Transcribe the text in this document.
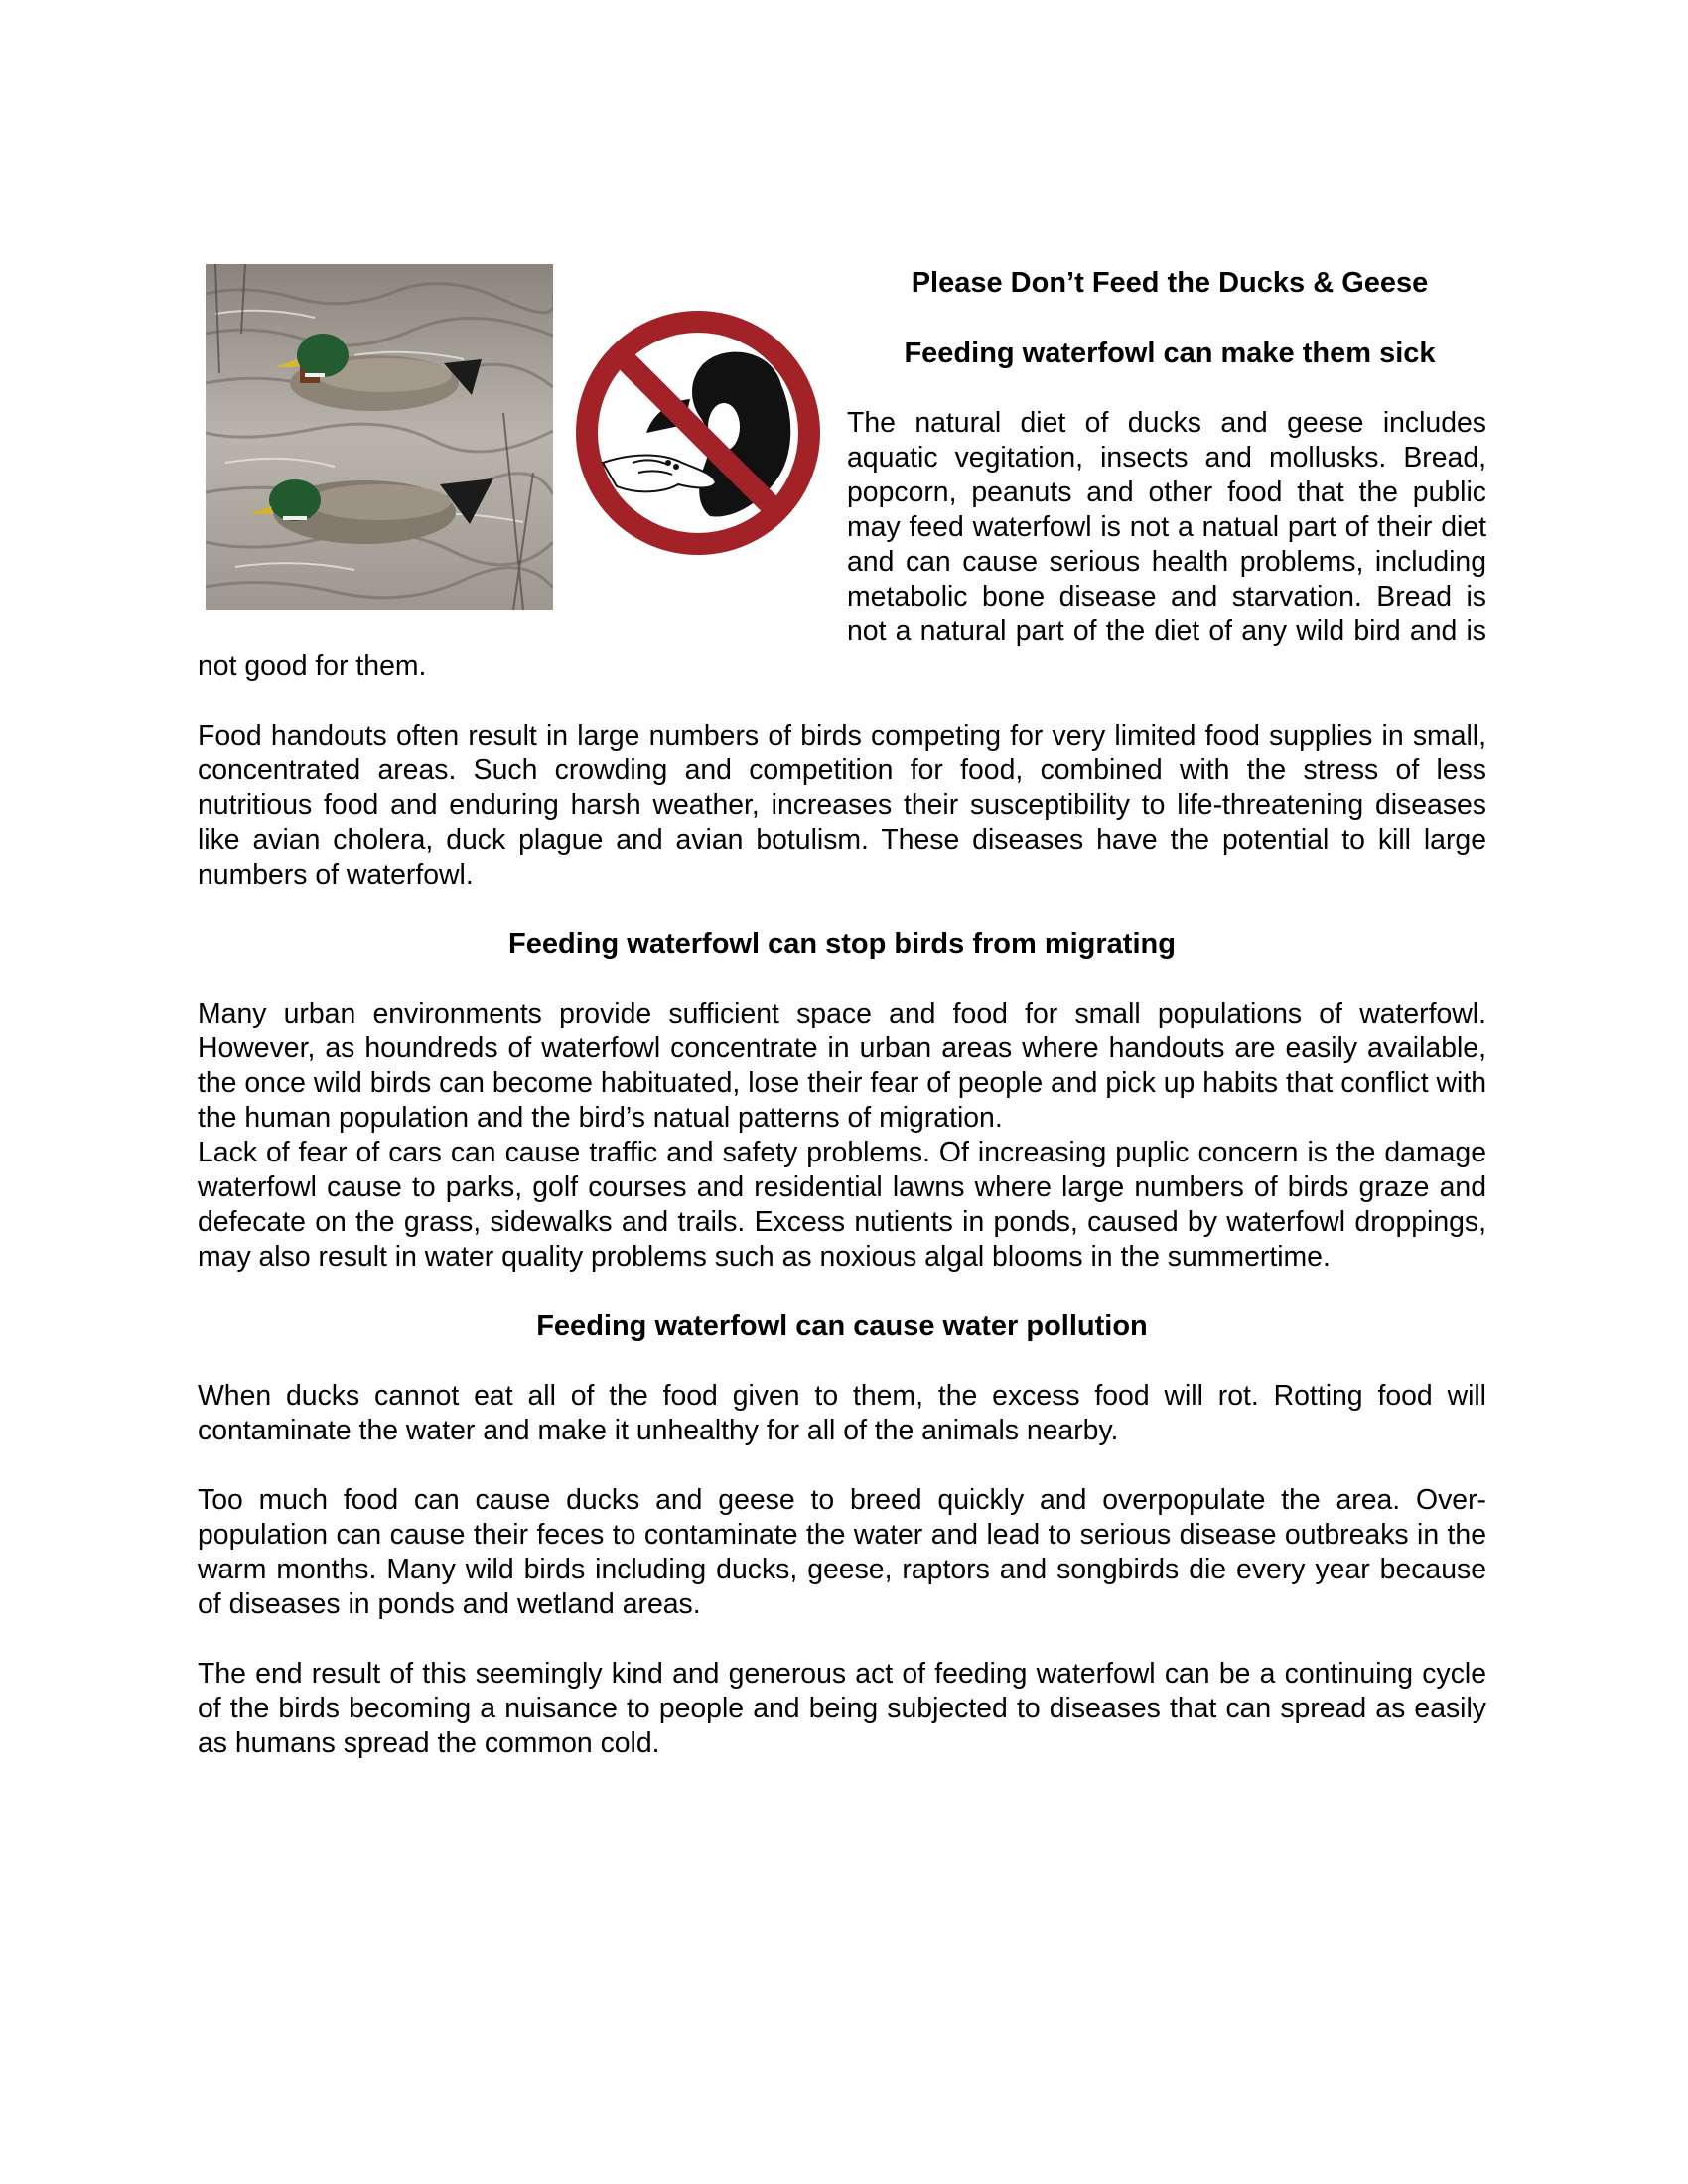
Please Don’t Feed the Ducks & Geese
Feeding waterfowl can make them sick

The natural diet of ducks and geese includes aquatic vegitation, insects and mollusks. Bread, popcorn, peanuts and other food that the public may feed waterfowl is not a natual part of their diet and can cause serious health problems, including metabolic bone disease and starvation. Bread is not a natural part of the diet of any wild bird and is not good for them.

Food handouts often result in large numbers of birds competing for very limited food supplies in small, concentrated areas. Such crowding and competition for food, combined with the stress of less nutritious food and enduring harsh weather, increases their susceptibility to life-threatening diseases like avian cholera, duck plague and avian botulism. These diseases have the potential to kill large numbers of waterfowl.

Feeding waterfowl can stop birds from migrating

Many urban environments provide sufficient space and food for small populations of waterfowl. However, as houndreds of waterfowl concentrate in urban areas where handouts are easily available, the once wild birds can become habituated, lose their fear of people and pick up habits that conflict with the human population and the bird’s natual patterns of migration.

Lack of fear of cars can cause traffic and safety problems. Of increasing puplic concern is the damage waterfowl cause to parks, golf courses and residential lawns where large numbers of birds graze and defecate on the grass, sidewalks and trails. Excess nutients in ponds, caused by waterfowl droppings, may also result in water quality problems such as noxious algal blooms in the summertime.

Feeding waterfowl can cause water pollution

When ducks cannot eat all of the food given to them, the excess food will rot. Rotting food will contaminate the water and make it unhealthy for all of the animals nearby.

Too much food can cause ducks and geese to breed quickly and overpopulate the area. Over-population can cause their feces to contaminate the water and lead to serious disease outbreaks in the warm months. Many wild birds including ducks, geese, raptors and songbirds die every year because of diseases in ponds and wetland areas.

The end result of this seemingly kind and generous act of feeding waterfowl can be a continuing cycle of the birds becoming a nuisance to people and being subjected to diseases that can spread as easily as humans spread the common cold.
